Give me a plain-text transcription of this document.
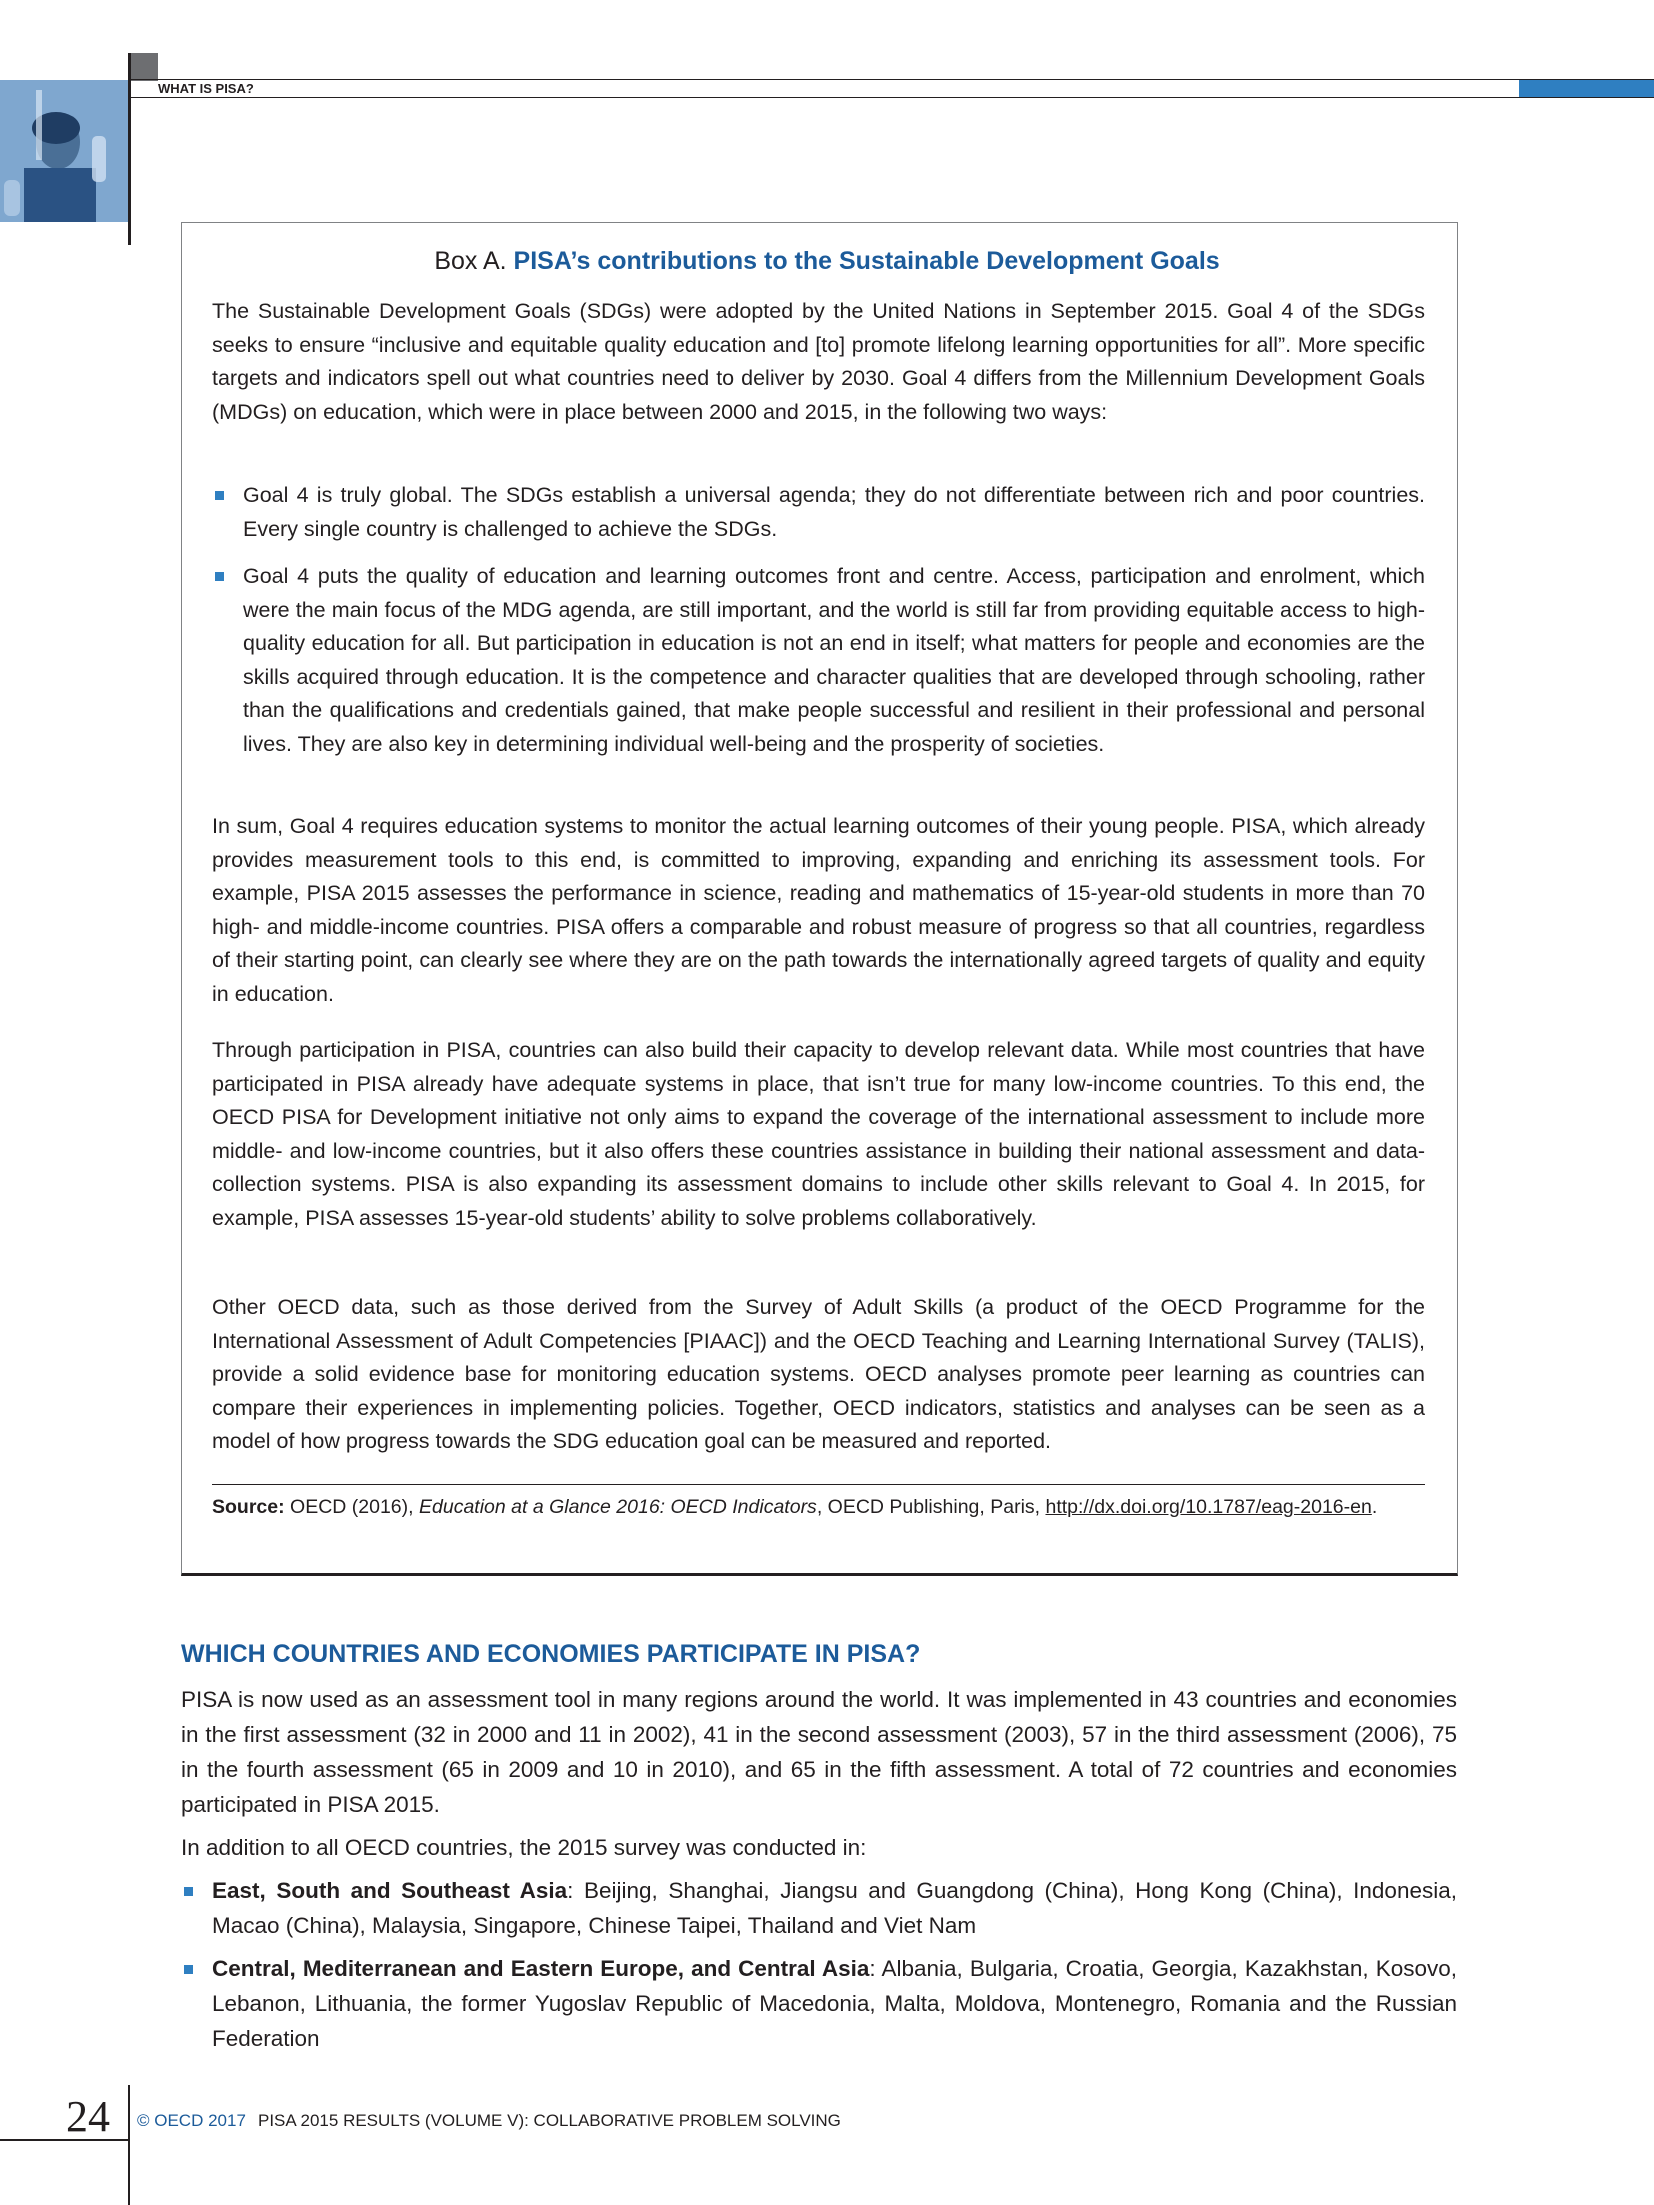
WHAT IS PISA?
Box A. PISA’s contributions to the Sustainable Development Goals

The Sustainable Development Goals (SDGs) were adopted by the United Nations in September 2015. Goal 4 of the SDGs seeks to ensure “inclusive and equitable quality education and [to] promote lifelong learning opportunities for all”. More specific targets and indicators spell out what countries need to deliver by 2030. Goal 4 differs from the Millennium Development Goals (MDGs) on education, which were in place between 2000 and 2015, in the following two ways:

Goal 4 is truly global. The SDGs establish a universal agenda; they do not differentiate between rich and poor countries. Every single country is challenged to achieve the SDGs.

Goal 4 puts the quality of education and learning outcomes front and centre. Access, participation and enrolment, which were the main focus of the MDG agenda, are still important, and the world is still far from providing equitable access to high-quality education for all. But participation in education is not an end in itself; what matters for people and economies are the skills acquired through education. It is the competence and character qualities that are developed through schooling, rather than the qualifications and credentials gained, that make people successful and resilient in their professional and personal lives. They are also key in determining individual well-being and the prosperity of societies.

In sum, Goal 4 requires education systems to monitor the actual learning outcomes of their young people. PISA, which already provides measurement tools to this end, is committed to improving, expanding and enriching its assessment tools. For example, PISA 2015 assesses the performance in science, reading and mathematics of 15-year-old students in more than 70 high- and middle-income countries. PISA offers a comparable and robust measure of progress so that all countries, regardless of their starting point, can clearly see where they are on the path towards the internationally agreed targets of quality and equity in education.

Through participation in PISA, countries can also build their capacity to develop relevant data. While most countries that have participated in PISA already have adequate systems in place, that isn’t true for many low-income countries. To this end, the OECD PISA for Development initiative not only aims to expand the coverage of the international assessment to include more middle- and low-income countries, but it also offers these countries assistance in building their national assessment and data-collection systems. PISA is also expanding its assessment domains to include other skills relevant to Goal 4. In 2015, for example, PISA assesses 15-year-old students’ ability to solve problems collaboratively.

Other OECD data, such as those derived from the Survey of Adult Skills (a product of the OECD Programme for the International Assessment of Adult Competencies [PIAAC]) and the OECD Teaching and Learning International Survey (TALIS), provide a solid evidence base for monitoring education systems. OECD analyses promote peer learning as countries can compare their experiences in implementing policies. Together, OECD indicators, statistics and analyses can be seen as a model of how progress towards the SDG education goal can be measured and reported.

Source: OECD (2016), Education at a Glance 2016: OECD Indicators, OECD Publishing, Paris, http://dx.doi.org/10.1787/eag-2016-en.

WHICH COUNTRIES AND ECONOMIES PARTICIPATE IN PISA?

PISA is now used as an assessment tool in many regions around the world. It was implemented in 43 countries and economies in the first assessment (32 in 2000 and 11 in 2002), 41 in the second assessment (2003), 57 in the third assessment (2006), 75 in the fourth assessment (65 in 2009 and 10 in 2010), and 65 in the fifth assessment. A total of 72 countries and economies participated in PISA 2015.

In addition to all OECD countries, the 2015 survey was conducted in:

East, South and Southeast Asia: Beijing, Shanghai, Jiangsu and Guangdong (China), Hong Kong (China), Indonesia, Macao (China), Malaysia, Singapore, Chinese Taipei, Thailand and Viet Nam

Central, Mediterranean and Eastern Europe, and Central Asia: Albania, Bulgaria, Croatia, Georgia, Kazakhstan, Kosovo, Lebanon, Lithuania, the former Yugoslav Republic of Macedonia, Malta, Moldova, Montenegro, Romania and the Russian Federation

24 © OECD 2017 PISA 2015 RESULTS (VOLUME V): COLLABORATIVE PROBLEM SOLVING
